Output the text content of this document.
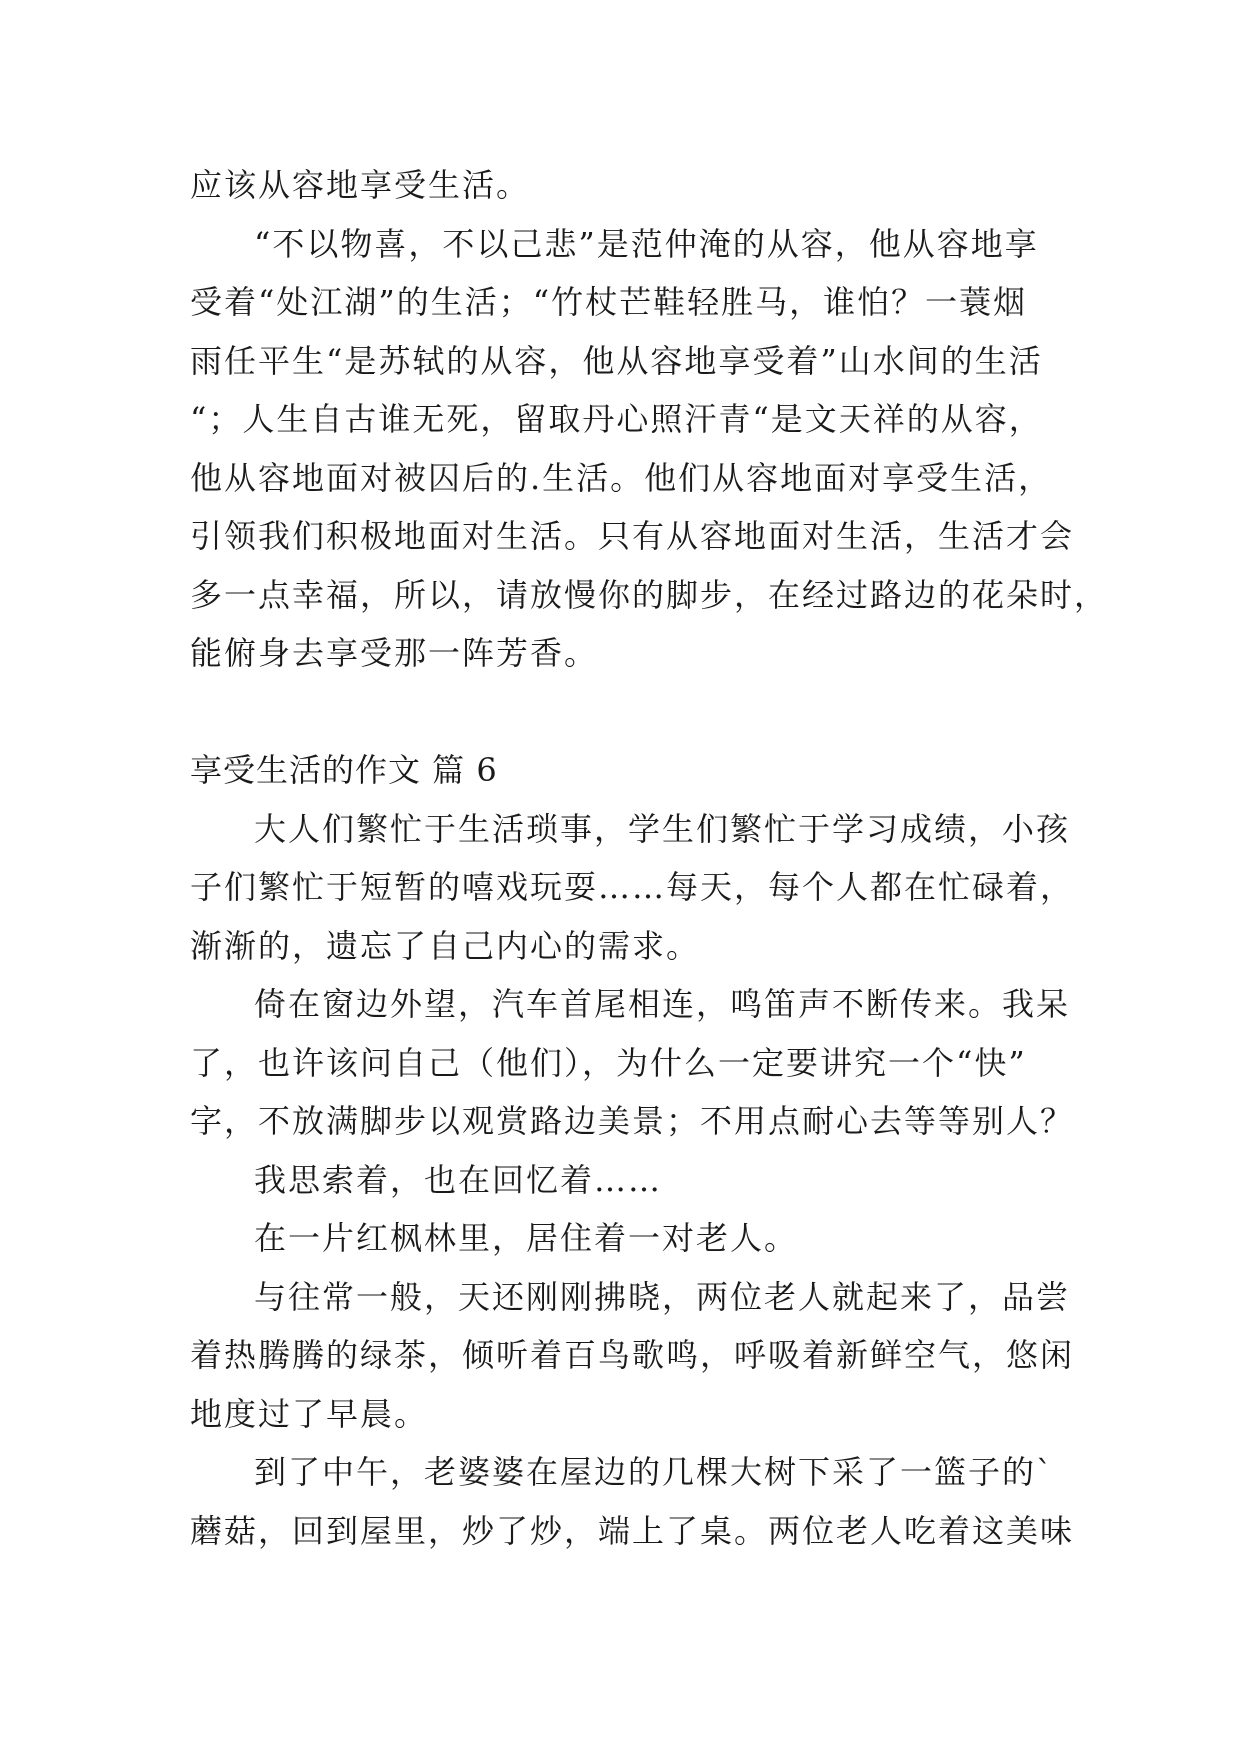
应该从容地享受生活。
“不以物喜，不以己悲”是范仲淹的从容，他从容地享
受着“处江湖”的生活；“竹杖芒鞋轻胜马，谁怕？一蓑烟
雨任平生“是苏轼的从容，他从容地享受着”山水间的生活
“；人生自古谁无死，留取丹心照汗青“是文天祥的从容，
他从容地面对被囚后的.生活。他们从容地面对享受生活，
引领我们积极地面对生活。只有从容地面对生活，生活才会
多一点幸福，所以，请放慢你的脚步，在经过路边的花朵时，
能俯身去享受那一阵芳香。
享受生活的作文 篇 6
大人们繁忙于生活琐事，学生们繁忙于学习成绩，小孩
子们繁忙于短暂的嘻戏玩耍……每天，每个人都在忙碌着，
渐渐的，遗忘了自己内心的需求。
倚在窗边外望，汽车首尾相连，鸣笛声不断传来。我呆
了，也许该问自己（他们），为什么一定要讲究一个“快”
字，不放满脚步以观赏路边美景；不用点耐心去等等别人？
我思索着，也在回忆着……
在一片红枫林里，居住着一对老人。
与往常一般，天还刚刚拂晓，两位老人就起来了，品尝
着热腾腾的绿茶，倾听着百鸟歌鸣，呼吸着新鲜空气，悠闲
地度过了早晨。
到了中午，老婆婆在屋边的几棵大树下采了一篮子的`
蘑菇，回到屋里，炒了炒，端上了桌。两位老人吃着这美味
